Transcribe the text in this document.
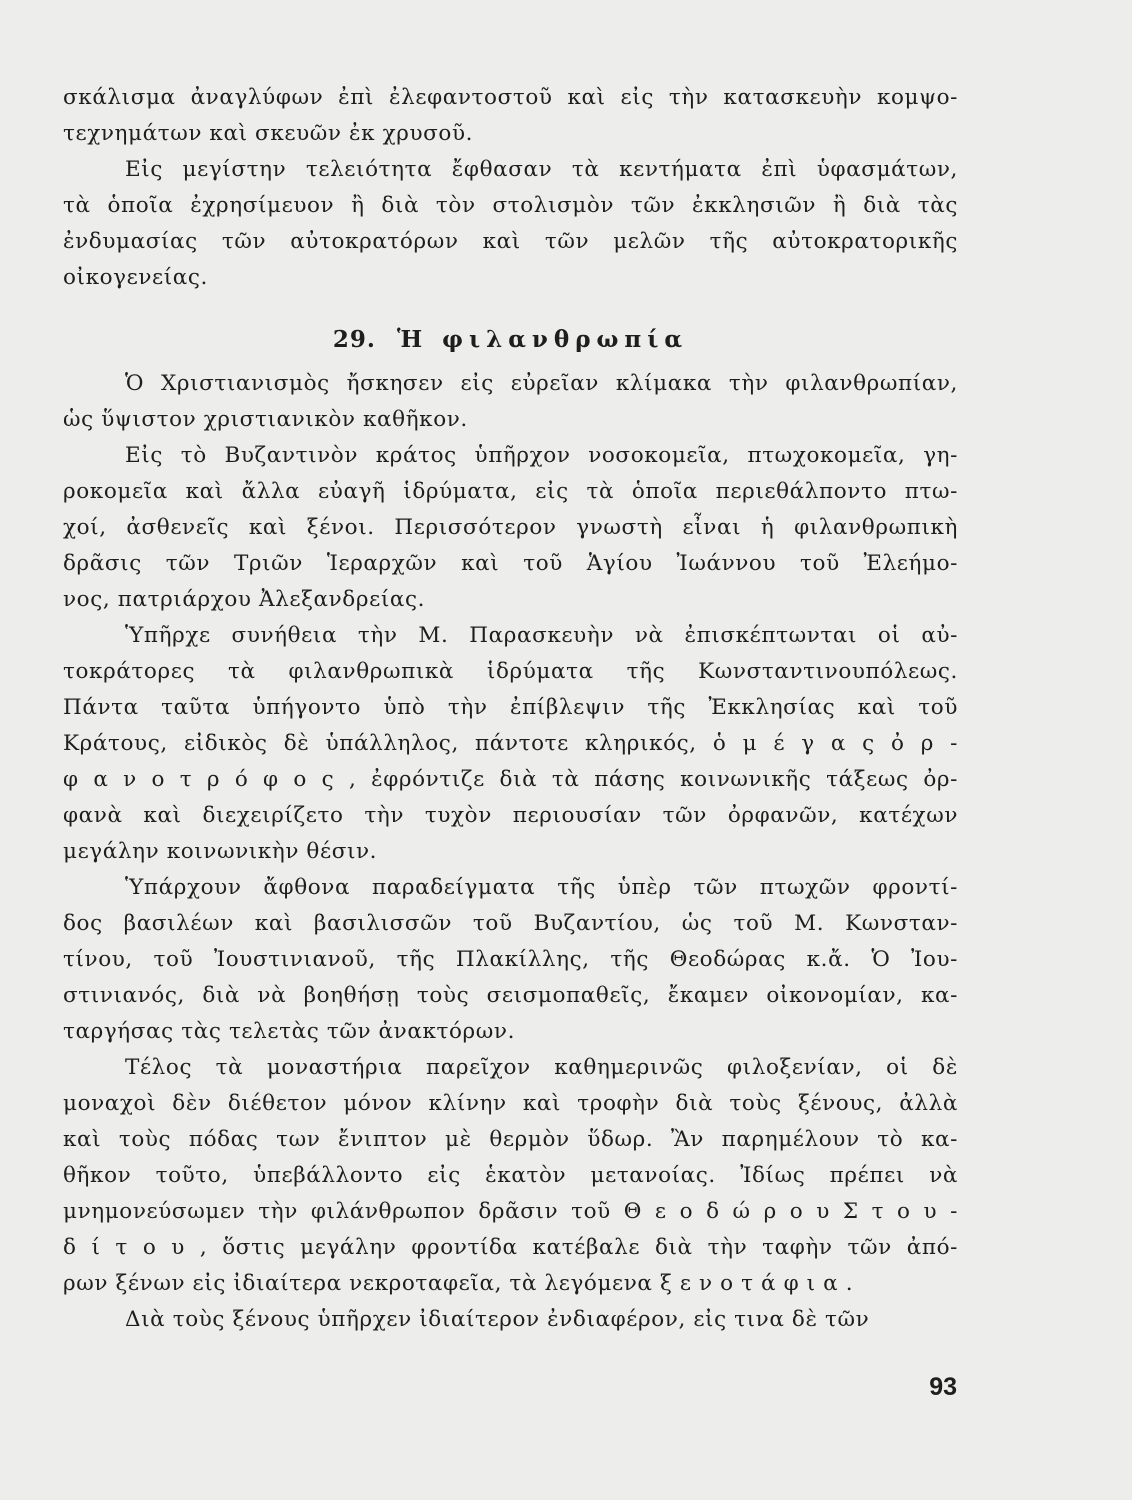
σκάλισμα ἀναγλύφων ἐπὶ ἐλεφαντοστοῦ καὶ εἰς τὴν κατασκευὴν κομψο-
τεχνημάτων καὶ σκευῶν ἐκ χρυσοῦ.
Εἰς μεγίστην τελειότητα ἔφθασαν τὰ κεντήματα ἐπὶ ὑφασμάτων,
τὰ ὁποῖα ἐχρησίμευον ἢ διὰ τὸν στολισμὸν τῶν ἐκκλησιῶν ἢ διὰ τὰς
ἐνδυμασίας τῶν αὐτοκρατόρων καὶ τῶν μελῶν τῆς αὐτοκρατορικῆς
οἰκογενείας.
29. Ἡ φιλανθρωπία
Ὁ Χριστιανισμὸς ἤσκησεν εἰς εὐρεῖαν κλίμακα τὴν φιλανθρωπίαν,
ὡς ὕψιστον χριστιανικὸν καθῆκον.
Εἰς τὸ Βυζαντινὸν κράτος ὑπῆρχον νοσοκομεῖα, πτωχοκομεῖα, γη-
ροκομεῖα καὶ ἄλλα εὐαγῆ ἱδρύματα, εἰς τὰ ὁποῖα περιεθάλποντο πτω-
χοί, ἀσθενεῖς καὶ ξένοι. Περισσότερον γνωστὴ εἶναι ἡ φιλανθρωπικὴ
δρᾶσις τῶν Τριῶν Ἱεραρχῶν καὶ τοῦ Ἁγίου Ἰωάννου τοῦ Ἐλεήμο-
νος, πατριάρχου Ἀλεξανδρείας.
Ὑπῆρχε συνήθεια τὴν Μ. Παρασκευὴν νὰ ἐπισκέπτωνται οἱ αὐ-
τοκράτορες τὰ φιλανθρωπικὰ ἱδρύματα τῆς Κωνσταντινουπόλεως.
Πάντα ταῦτα ὑπήγοντο ὑπὸ τὴν ἐπίβλεψιν τῆς Ἐκκλησίας καὶ τοῦ
Κράτους, εἰδικὸς δὲ ὑπάλληλος, πάντοτε κληρικός, ὁ μ έ γ α ς ὀ ρ -
φ α ν ο τ ρ ό φ ο ς , ἐφρόντιζε διὰ τὰ πάσης κοινωνικῆς τάξεως ὀρ-
φανὰ καὶ διεχειρίζετο τὴν τυχὸν περιουσίαν τῶν ὀρφανῶν, κατέχων
μεγάλην κοινωνικὴν θέσιν.
Ὑπάρχουν ἄφθονα παραδείγματα τῆς ὑπὲρ τῶν πτωχῶν φροντί-
δος βασιλέων καὶ βασιλισσῶν τοῦ Βυζαντίου, ὡς τοῦ Μ. Κωνσταν-
τίνου, τοῦ Ἰουστινιανοῦ, τῆς Πλακίλλης, τῆς Θεοδώρας κ.ἄ. Ὁ Ἰου-
στινιανός, διὰ νὰ βοηθήσῃ τοὺς σεισμοπαθεῖς, ἔκαμεν οἰκονομίαν, κα-
ταργήσας τὰς τελετὰς τῶν ἀνακτόρων.
Τέλος τὰ μοναστήρια παρεῖχον καθημερινῶς φιλοξενίαν, οἱ δὲ
μοναχοὶ δὲν διέθετον μόνον κλίνην καὶ τροφὴν διὰ τοὺς ξένους, ἀλλὰ
καὶ τοὺς πόδας των ἔνιπτον μὲ θερμὸν ὕδωρ. Ἂν παρημέλουν τὸ κα-
θῆκον τοῦτο, ὑπεβάλλοντο εἰς ἑκατὸν μετανοίας. Ἰδίως πρέπει νὰ
μνημονεύσωμεν τὴν φιλάνθρωπον δρᾶσιν τοῦ Θ ε ο δ ώ ρ ο υ Σ τ ο υ -
δ ί τ ο υ , ὅστις μεγάλην φροντίδα κατέβαλε διὰ τὴν ταφὴν τῶν ἀπό-
ρων ξένων εἰς ἰδιαίτερα νεκροταφεῖα, τὰ λεγόμενα ξ ε ν ο τ ά φ ι α .
Διὰ τοὺς ξένους ὑπῆρχεν ἰδιαίτερον ἐνδιαφέρον, εἰς τινα δὲ τῶν
93
